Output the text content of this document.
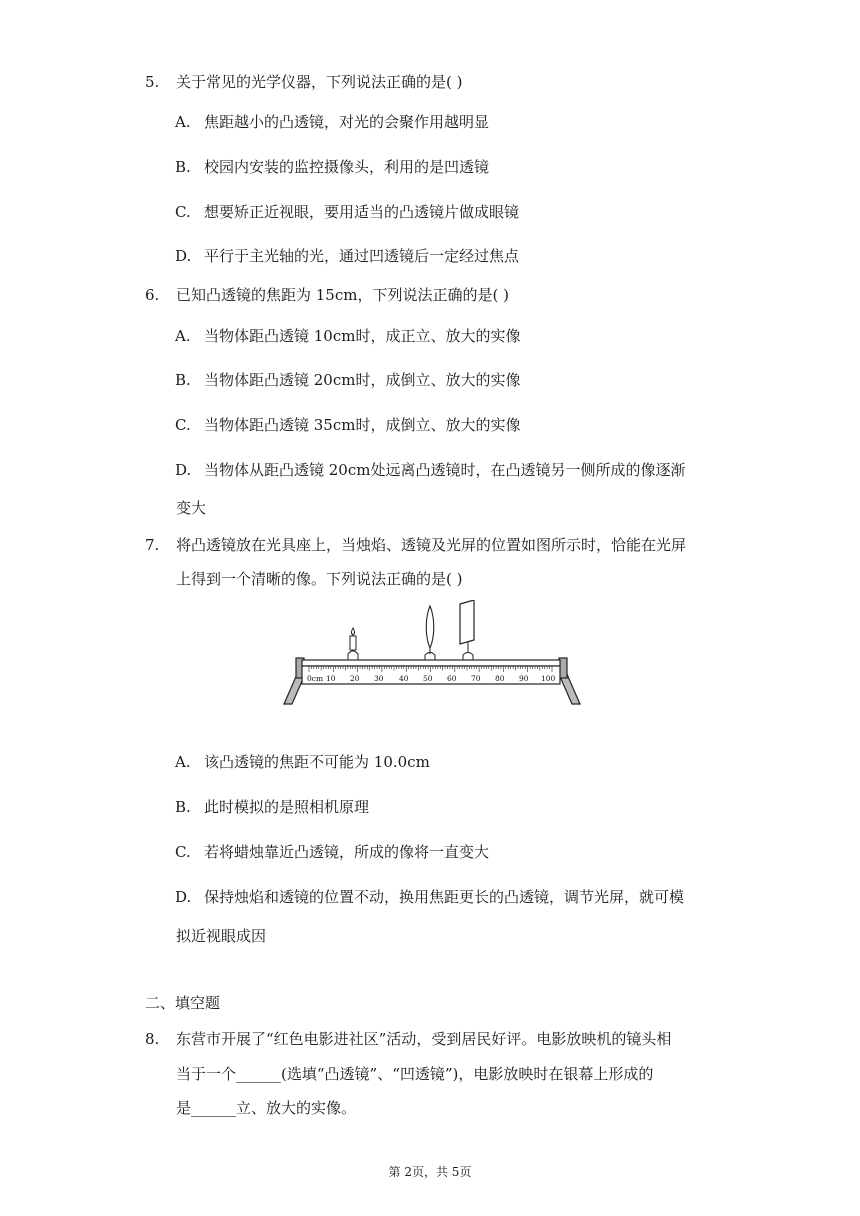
5. 关于常见的光学仪器，下列说法正确的是( )
A. 焦距越小的凸透镜，对光的会聚作用越明显
B. 校园内安装的监控摄像头，利用的是凹透镜
C. 想要矫正近视眼，要用适当的凸透镜片做成眼镜
D. 平行于主光轴的光，通过凹透镜后一定经过焦点
6. 已知凸透镜的焦距为 15cm，下列说法正确的是( )
A. 当物体距凸透镜 10cm时，成正立、放大的实像
B. 当物体距凸透镜 20cm时，成倒立、放大的实像
C. 当物体距凸透镜 35cm时，成倒立、放大的实像
D. 当物体从距凸透镜 20cm处远离凸透镜时，在凸透镜另一侧所成的像逐渐
变大
7. 将凸透镜放在光具座上，当烛焰、透镜及光屏的位置如图所示时，恰能在光屏
上得到一个清晰的像。下列说法正确的是( )
0cm 10 20 30 40 50 60 70 80 90 100
A. 该凸透镜的焦距不可能为 10.0cm
B. 此时模拟的是照相机原理
C. 若将蜡烛靠近凸透镜，所成的像将一直变大
D. 保持烛焰和透镜的位置不动，换用焦距更长的凸透镜，调节光屏，就可模
拟近视眼成因
二、填空题
8. 东营市开展了“红色电影进社区”活动，受到居民好评。电影放映机的镜头相
当于一个______(选填“凸透镜”、“凹透镜”)，电影放映时在银幕上形成的
是______立、放大的实像。
第 2页，共 5页
